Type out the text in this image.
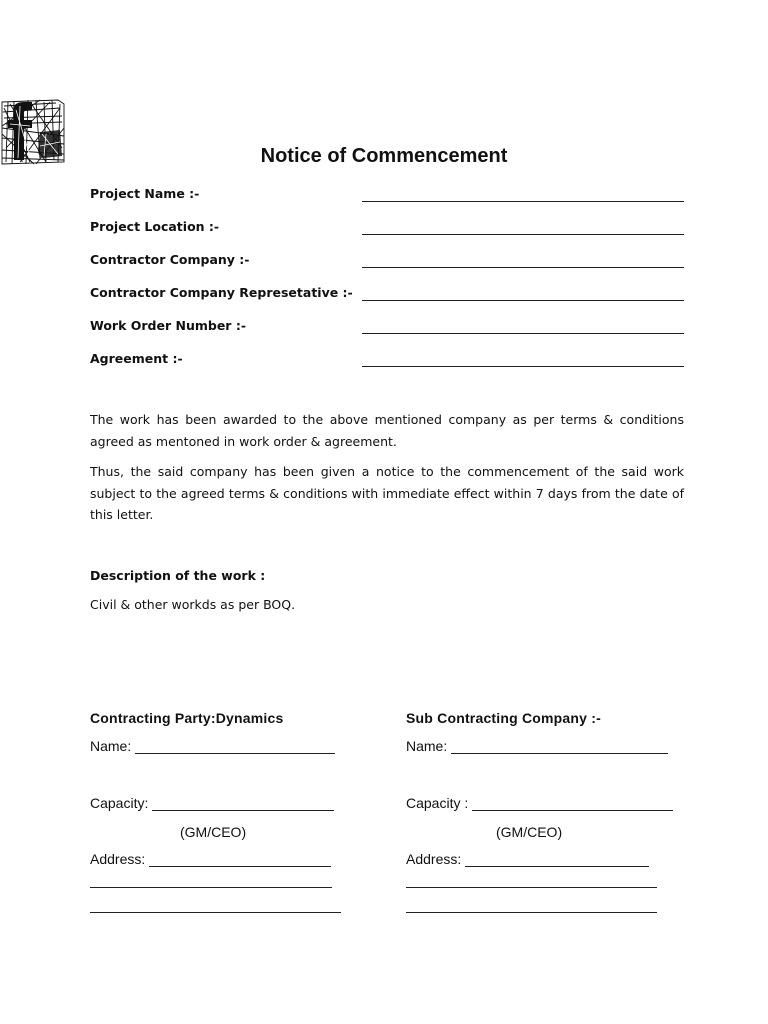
Notice of Commencement
Project Name :-
Project Location :-
Contractor Company :-
Contractor Company Represetative :-
Work Order Number :-
Agreement :-

The work has been awarded to the above mentioned company as per terms & conditions agreed as mentoned in work order & agreement.

Thus, the said company has been given a notice to the commencement of the said work subject to the agreed terms & conditions with immediate effect within 7 days from the date of this letter.

Description of the work :
Civil & other workds as per BOQ.
Contracting Party:Dynamics
Name:
Capacity:
(GM/CEO)
Address:
Sub Contracting Company :-
Name:
Capacity :
(GM/CEO)
Address:
